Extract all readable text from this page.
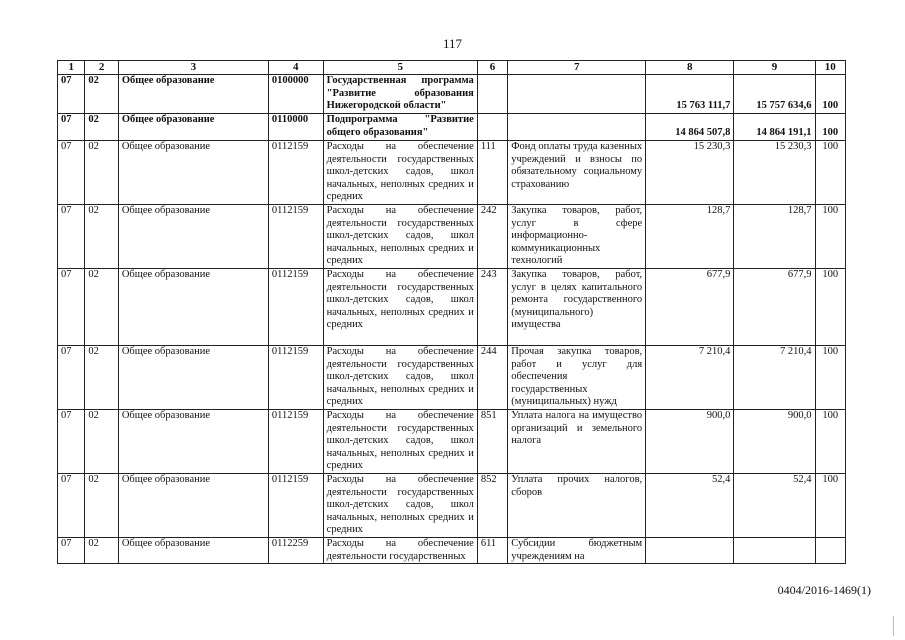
117
1	2	3	4	5	6	7	8	9	10
07	02	Общее образование	0100000	Государственная программа "Развитие образования Нижегородской области"			15 763 111,7	15 757 634,6	100
07	02	Общее образование	0110000	Подпрограмма "Развитие общего образования"			14 864 507,8	14 864 191,1	100
07	02	Общее образование	0112159	Расходы на обеспечение деятельности государственных школ-детских садов, школ начальных, неполных средних и средних	111	Фонд оплаты труда казенных учреждений и взносы по обязательному социальному страхованию	15 230,3	15 230,3	100
07	02	Общее образование	0112159	Расходы на обеспечение деятельности государственных школ-детских садов, школ начальных, неполных средних и средних	242	Закупка товаров, работ, услуг в сфере информационно-коммуникационных технологий	128,7	128,7	100
07	02	Общее образование	0112159	Расходы на обеспечение деятельности государственных школ-детских садов, школ начальных, неполных средних и средних	243	Закупка товаров, работ, услуг в целях капитального ремонта государственного (муниципального) имущества	677,9	677,9	100
07	02	Общее образование	0112159	Расходы на обеспечение деятельности государственных школ-детских садов, школ начальных, неполных средних и средних	244	Прочая закупка товаров, работ и услуг для обеспечения государственных (муниципальных) нужд	7 210,4	7 210,4	100
07	02	Общее образование	0112159	Расходы на обеспечение деятельности государственных школ-детских садов, школ начальных, неполных средних и средних	851	Уплата налога на имущество организаций и земельного налога	900,0	900,0	100
07	02	Общее образование	0112159	Расходы на обеспечение деятельности государственных школ-детских садов, школ начальных, неполных средних и средних	852	Уплата прочих налогов, сборов	52,4	52,4	100
07	02	Общее образование	0112259	Расходы на обеспечение деятельности государственных	611	Субсидии бюджетным учреждениям на			
0404/2016-1469(1)
